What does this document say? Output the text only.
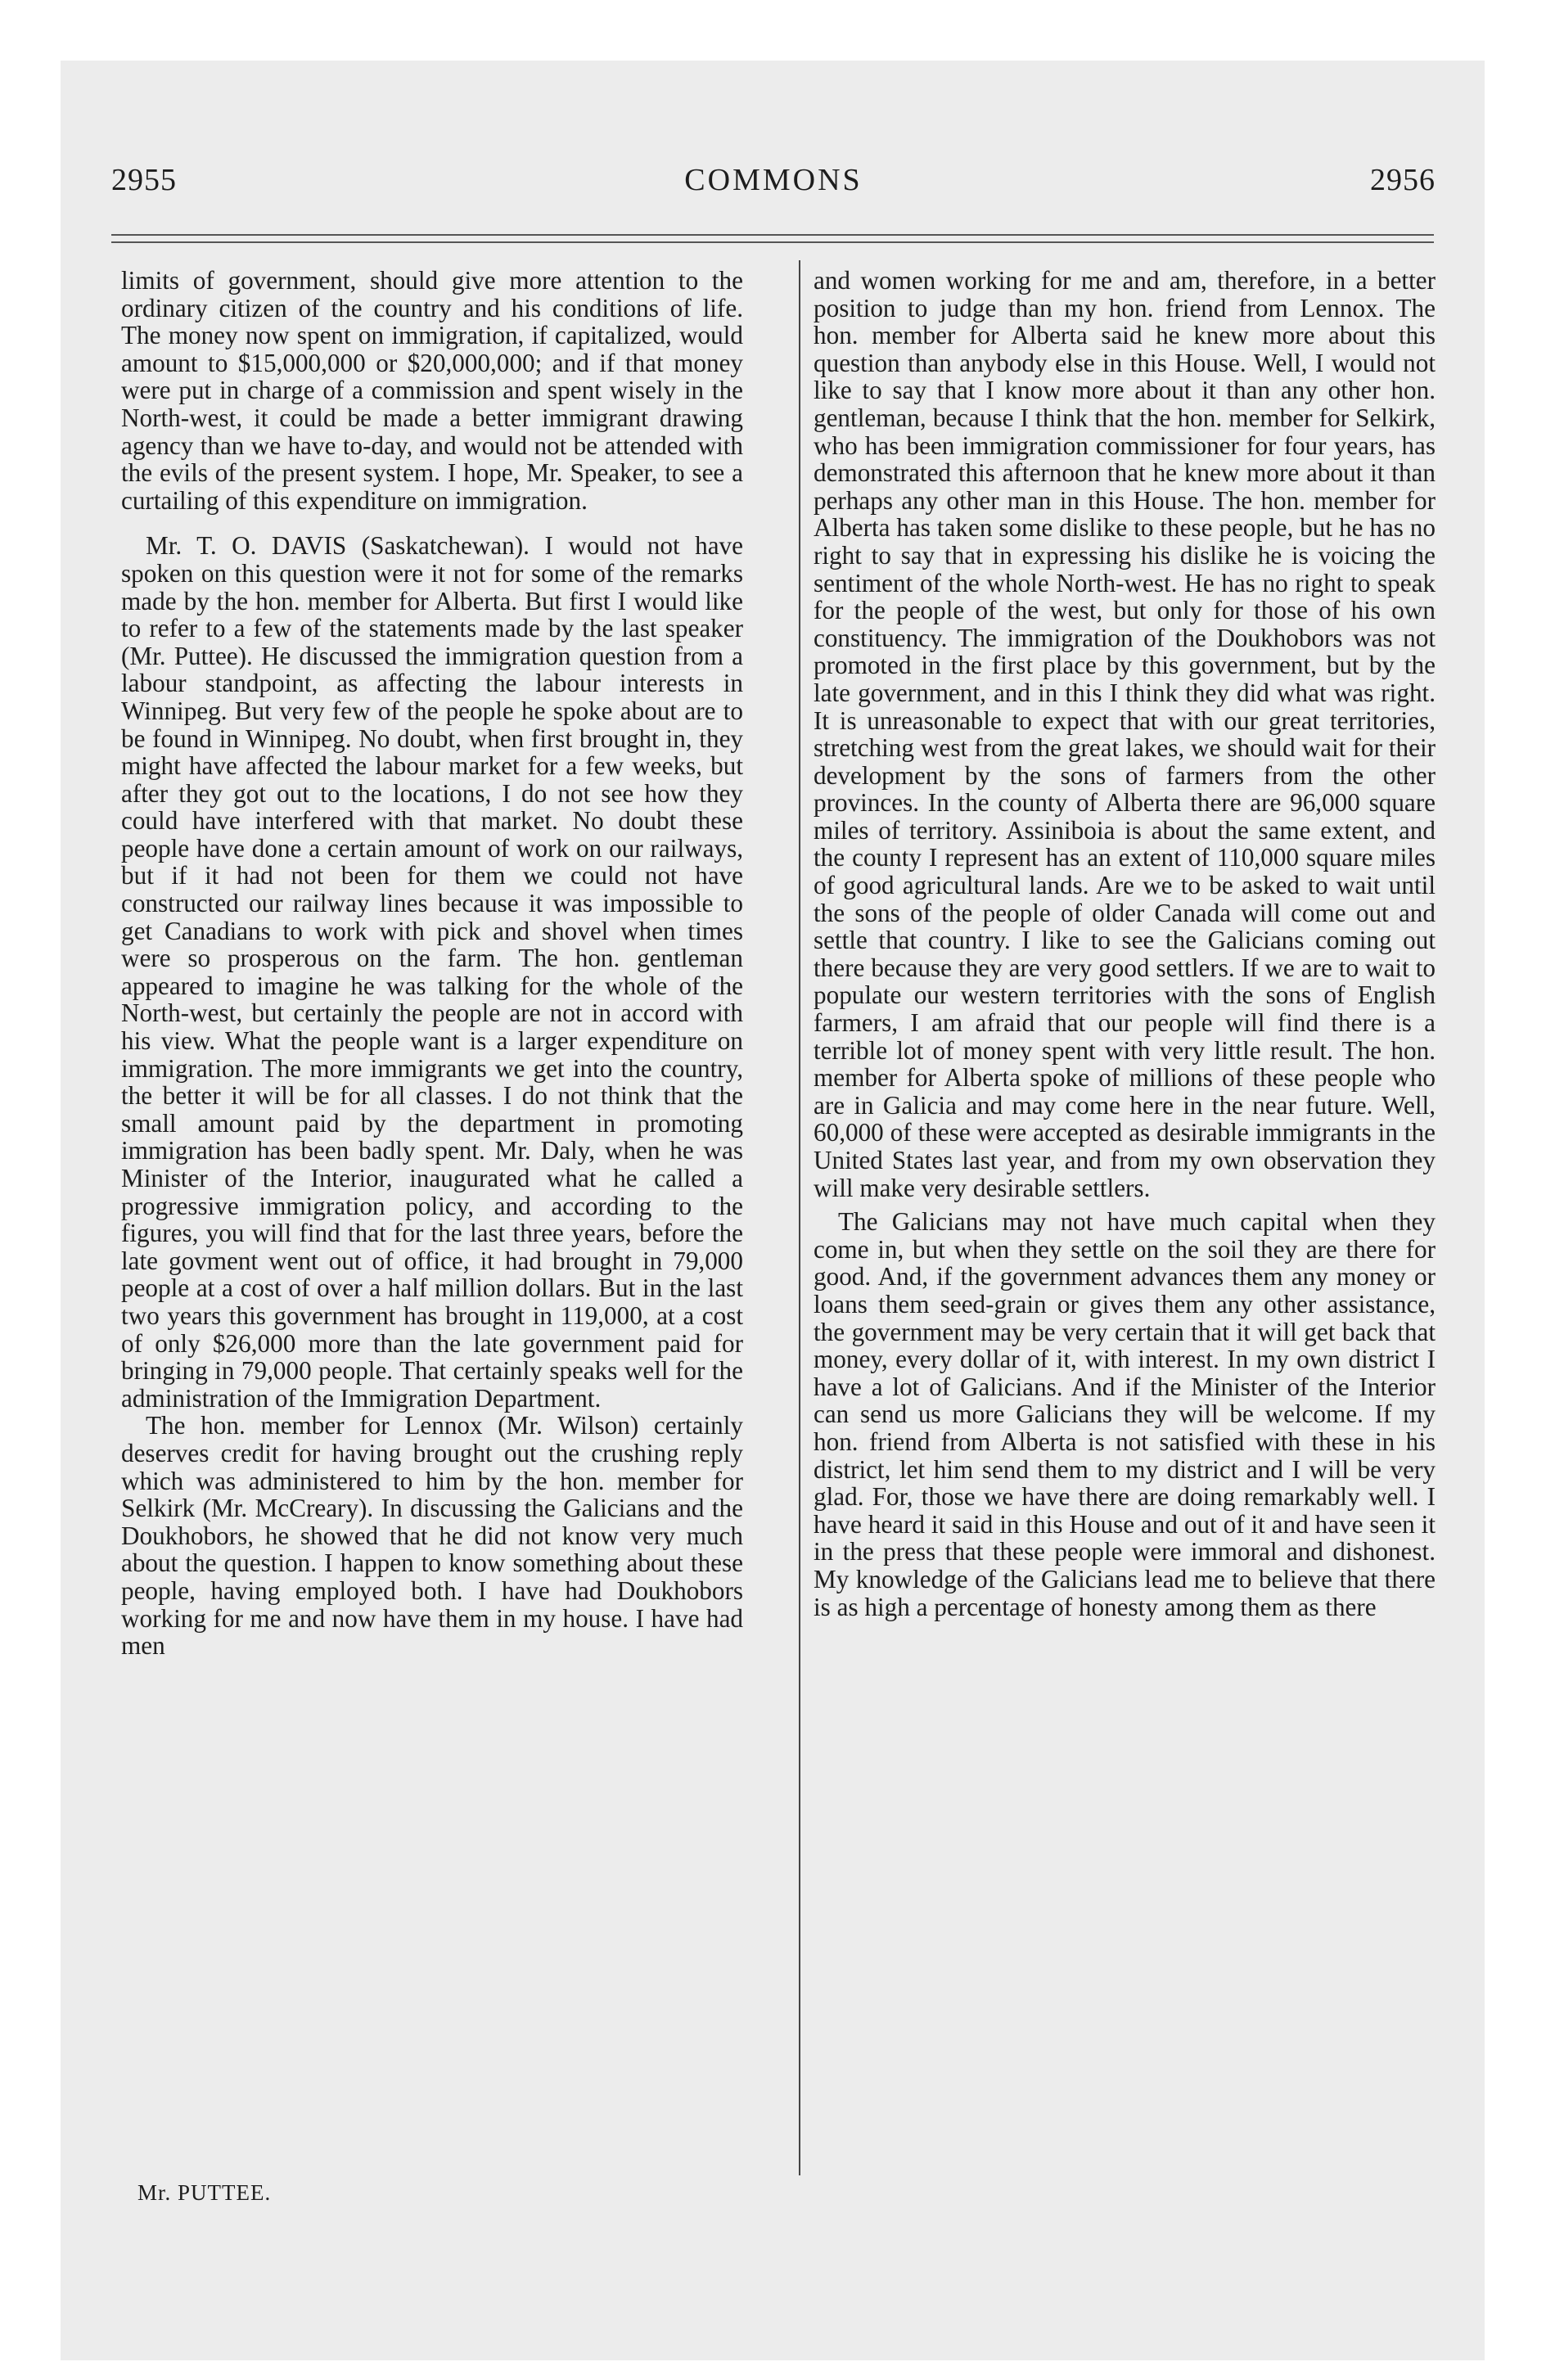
2955	COMMONS	2956

limits of government, should give more attention to the ordinary citizen of the country and his conditions of life. The money now spent on immigration, if capitalized, would amount to $15,000,000 or $20,000,000; and if that money were put in charge of a commission and spent wisely in the North-west, it could be made a better immigrant drawing agency than we have to-day, and would not be attended with the evils of the present system. I hope, Mr. Speaker, to see a curtailing of this expenditure on immigration.

Mr. T. O. DAVIS (Saskatchewan). I would not have spoken on this question were it not for some of the remarks made by the hon. member for Alberta. But first I would like to refer to a few of the statements made by the last speaker (Mr. Puttee). He discussed the immigration question from a labour standpoint, as affecting the labour interests in Winnipeg. But very few of the people he spoke about are to be found in Winnipeg. No doubt, when first brought in, they might have affected the labour market for a few weeks, but after they got out to the locations, I do not see how they could have interfered with that market. No doubt these people have done a certain amount of work on our railways, but if it had not been for them we could not have constructed our railway lines because it was impossible to get Canadians to work with pick and shovel when times were so prosperous on the farm. The hon. gentleman appeared to imagine he was talking for the whole of the North-west, but certainly the people are not in accord with his view. What the people want is a larger expenditure on immigration. The more immigrants we get into the country, the better it will be for all classes. I do not think that the small amount paid by the department in promoting immigration has been badly spent. Mr. Daly, when he was Minister of the Interior, inaugurated what he called a progressive immigration policy, and according to the figures, you will find that for the last three years, before the late govment went out of office, it had brought in 79,000 people at a cost of over a half million dollars. But in the last two years this government has brought in 119,000, at a cost of only $26,000 more than the late government paid for bringing in 79,000 people. That certainly speaks well for the administration of the Immigration Department.

The hon. member for Lennox (Mr. Wilson) certainly deserves credit for having brought out the crushing reply which was administered to him by the hon. member for Selkirk (Mr. McCreary). In discussing the Galicians and the Doukhobors, he showed that he did not know very much about the question. I happen to know something about these people, having employed both. I have had Doukhobors working for me and now have them in my house. I have had men

and women working for me and am, therefore, in a better position to judge than my hon. friend from Lennox. The hon. member for Alberta said he knew more about this question than anybody else in this House. Well, I would not like to say that I know more about it than any other hon. gentleman, because I think that the hon. member for Selkirk, who has been immigration commissioner for four years, has demonstrated this afternoon that he knew more about it than perhaps any other man in this House. The hon. member for Alberta has taken some dislike to these people, but he has no right to say that in expressing his dislike he is voicing the sentiment of the whole North-west. He has no right to speak for the people of the west, but only for those of his own constituency. The immigration of the Doukhobors was not promoted in the first place by this government, but by the late government, and in this I think they did what was right. It is unreasonable to expect that with our great territories, stretching west from the great lakes, we should wait for their development by the sons of farmers from the other provinces. In the county of Alberta there are 96,000 square miles of territory. Assiniboia is about the same extent, and the county I represent has an extent of 110,000 square miles of good agricultural lands. Are we to be asked to wait until the sons of the people of older Canada will come out and settle that country. I like to see the Galicians coming out there because they are very good settlers. If we are to wait to populate our western territories with the sons of English farmers, I am afraid that our people will find there is a terrible lot of money spent with very little result. The hon. member for Alberta spoke of millions of these people who are in Galicia and may come here in the near future. Well, 60,000 of these were accepted as desirable immigrants in the United States last year, and from my own observation they will make very desirable settlers.

The Galicians may not have much capital when they come in, but when they settle on the soil they are there for good. And, if the government advances them any money or loans them seed-grain or gives them any other assistance, the government may be very certain that it will get back that money, every dollar of it, with interest. In my own district I have a lot of Galicians. And if the Minister of the Interior can send us more Galicians they will be welcome. If my hon. friend from Alberta is not satisfied with these in his district, let him send them to my district and I will be very glad. For, those we have there are doing remarkably well. I have heard it said in this House and out of it and have seen it in the press that these people were immoral and dishonest. My knowledge of the Galicians lead me to believe that there is as high a percentage of honesty among them as there

Mr. PUTTEE.
